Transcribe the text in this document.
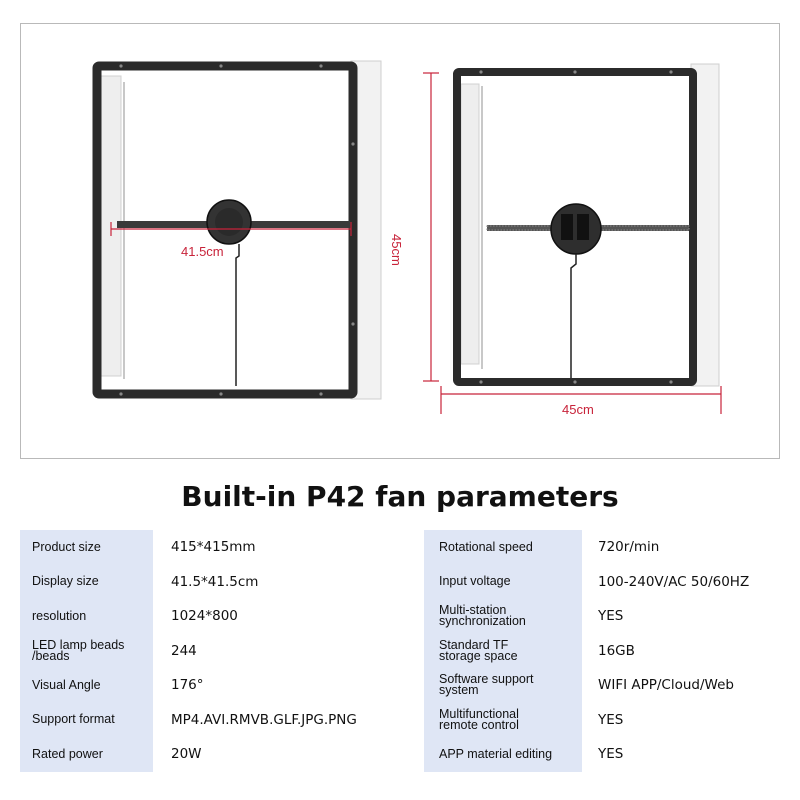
41.5cm	45cm
45cm
Built-in P42 fan parameters
Product size	415*415mm
Display size	41.5*41.5cm
resolution	1024*800
LED lamp beads
/beads	244
Visual Angle	176°
Support format	MP4.AVI.RMVB.GLF.JPG.PNG
Rated power	20W
Rotational speed	720r/min
Input voltage	100-240V/AC 50/60HZ
Multi-station
synchronization	YES
Standard TF
storage space	16GB
Software support
system	WIFI APP/Cloud/Web
Multifunctional
remote control	YES
APP material editing	YES
